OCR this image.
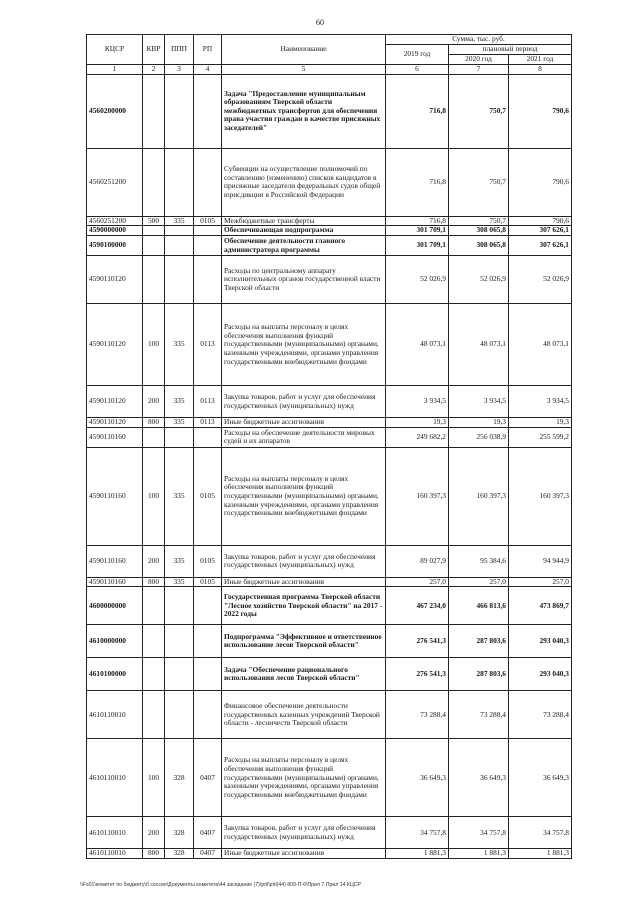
60
КЦСР	КВР	ППП	РП	Наименование	Сумма, тыс. руб.		
					2019 год	плановый период	
						2020 год	2021 год
1	2	3	4	5	6	7	8
4560200000				Задача "Предоставление муниципальным образованиям Тверской области межбюджетных трансфертов для обеспечения права участия граждан в качестве присяжных заседателей"	716,8	750,7	790,6
4560251200				Субвенции на осуществление полномочий по составлению (изменению) списков кандидатов в присяжные заседатели федеральных судов общей юрисдикции в Российской Федерации	716,8	750,7	790,6
4560251200	500	335	0105	Межбюджетные трансферты	716,8	750,7	790,6
4590000000				Обеспечивающая подпрограмма	301 709,1	308 065,8	307 626,1
4590100000				Обеспечение деятельности главного администратора программы	301 709,1	308 065,8	307 626,1
4590110120				Расходы по центральному аппарату исполнительных органов государственной власти Тверской области	52 026,9	52 026,9	52 026,9
4590110120	100	335	0113	Расходы на выплаты персоналу в целях обеспечения выполнения функций государственными (муниципальными) органами, казенными учреждениями, органами управления государственными внебюджетными фондами	48 073,1	48 073,1	48 073,1
4590110120	200	335	0113	Закупка товаров, работ и услуг для обеспечения государственных (муниципальных) нужд	3 934,5	3 934,5	3 934,5
4590110120	800	335	0113	Иные бюджетные ассигнования	19,3	19,3	19,3
4590110160				Расходы на обеспечение деятельности мировых судей и их аппаратов	249 682,2	256 038,9	255 599,2
4590110160	100	335	0105	Расходы на выплаты персоналу в целях обеспечения выполнения функций государственными (муниципальными) органами, казенными учреждениями, органами управления государственными внебюджетными фондами	160 397,3	160 397,3	160 397,3
4590110160	200	335	0105	Закупка товаров, работ и услуг для обеспечения государственных (муниципальных) нужд	89 027,9	95 384,6	94 944,9
4590110160	800	335	0105	Иные бюджетные ассигнования	257,0	257,0	257,0
4600000000				Государственная программа Тверской области "Лесное хозяйство Тверской области" на 2017 - 2022 годы	467 234,0	466 813,6	473 869,7
4610000000				Подпрограмма "Эффективное и ответственное использование лесов Тверской области"	276 541,3	287 803,6	293 040,3
4610100000				Задача "Обеспечение рационального использования лесов Тверской области"	276 541,3	287 803,6	293 040,3
4610110010				Финансовое обеспечение деятельности государственных казенных учреждений Тверской области - лесничеств Тверской области	73 288,4	73 288,4	73 288,4
4610110010	100	328	0407	Расходы на выплаты персоналу в целях обеспечения выполнения функций государственными (муниципальными) органами, казенными учреждениями, органами управления государственными внебюджетными фондами	36 649,3	36 649,3	36 649,3
4610110010	200	328	0407	Закупка товаров, работ и услуг для обеспечения государственных (муниципальных) нужд	34 757,8	34 757,8	34 757,8
4610110010	800	328	0407	Иные бюджетные ассигнования	1 881,3	1 881,3	1 881,3
\\Fs01\комитет по бюджету\б сессия\Документы комитета\44 заседание (7)\pril\pril(44) 809-П-6\Прил 7 Прил 14 КЦСР
